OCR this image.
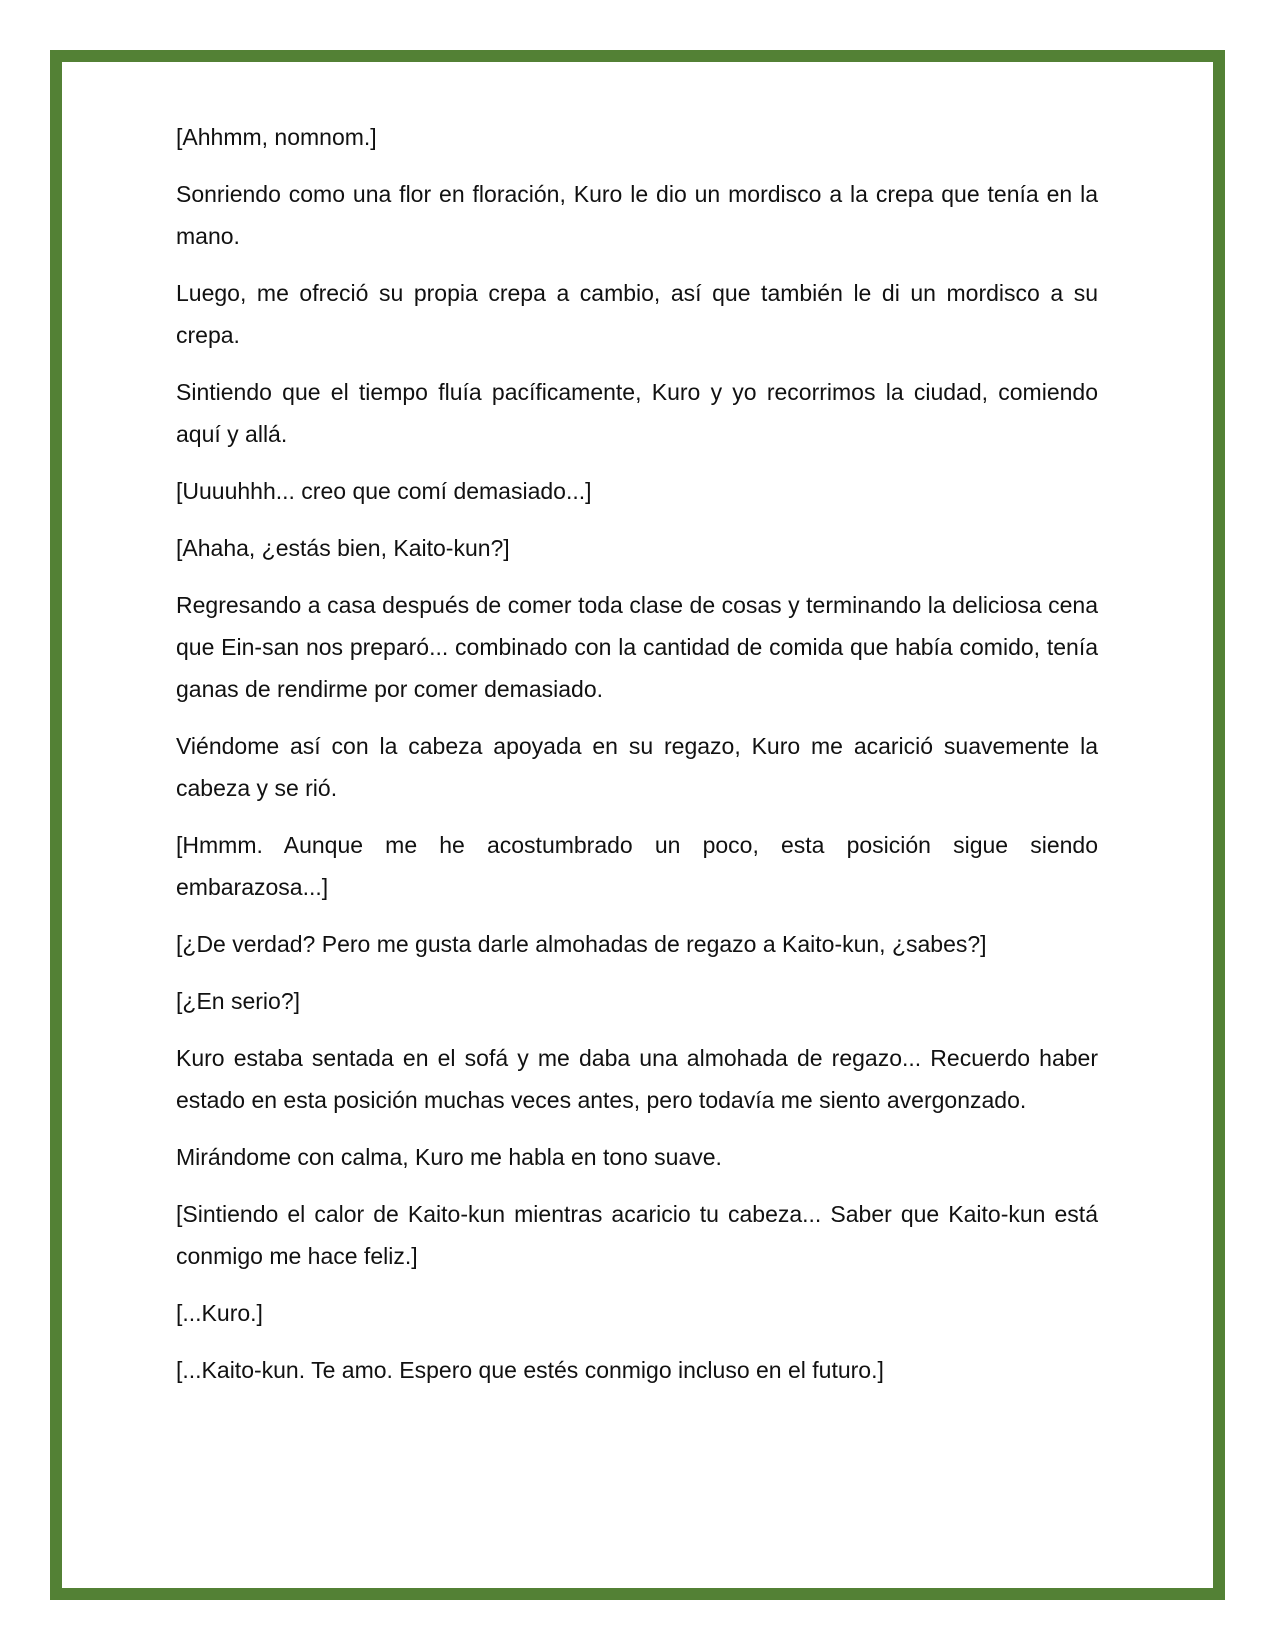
[Ahhmm, nomnom.]

Sonriendo como una flor en floración, Kuro le dio un mordisco a la crepa que tenía en la mano.

Luego, me ofreció su propia crepa a cambio, así que también le di un mordisco a su crepa.

Sintiendo que el tiempo fluía pacíficamente, Kuro y yo recorrimos la ciudad, comiendo aquí y allá.

[Uuuuhhh... creo que comí demasiado...]

[Ahaha, ¿estás bien, Kaito-kun?]

Regresando a casa después de comer toda clase de cosas y terminando la deliciosa cena que Ein-san nos preparó... combinado con la cantidad de comida que había comido, tenía ganas de rendirme por comer demasiado.

Viéndome así con la cabeza apoyada en su regazo, Kuro me acarició suavemente la cabeza y se rió.

[Hmmm. Aunque me he acostumbrado un poco, esta posición sigue siendo embarazosa...]

[¿De verdad? Pero me gusta darle almohadas de regazo a Kaito-kun, ¿sabes?]

[¿En serio?]

Kuro estaba sentada en el sofá y me daba una almohada de regazo... Recuerdo haber estado en esta posición muchas veces antes, pero todavía me siento avergonzado.

Mirándome con calma, Kuro me habla en tono suave.

[Sintiendo el calor de Kaito-kun mientras acaricio tu cabeza... Saber que Kaito-kun está conmigo me hace feliz.]

[...Kuro.]

[...Kaito-kun. Te amo. Espero que estés conmigo incluso en el futuro.]
